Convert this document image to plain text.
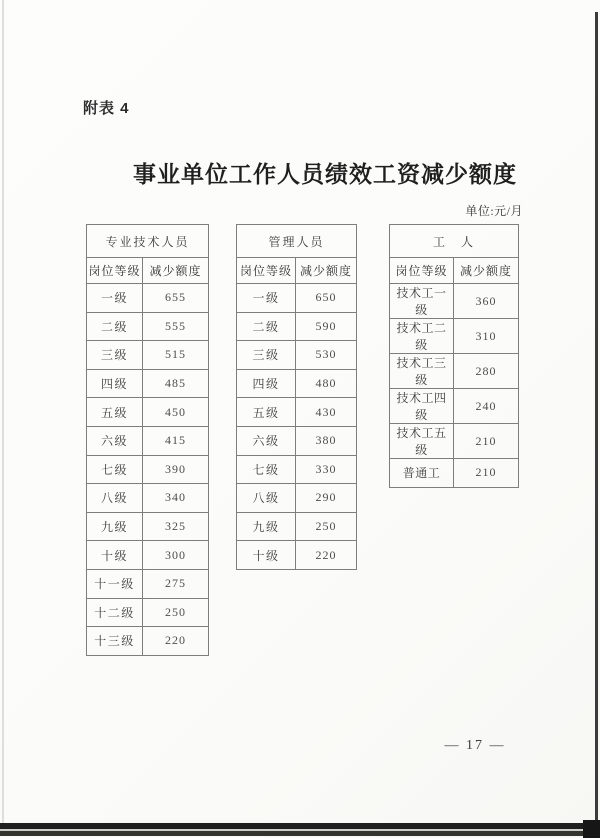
附表 4
事业单位工作人员绩效工资减少额度
单位:元/月
专业技术人员	
岗位等级	减少额度
一级	655
二级	555
三级	515
四级	485
五级	450
六级	415
七级	390
八级	340
九级	325
十级	300
十一级	275
十二级	250
十三级	220
管理人员	
岗位等级	减少额度
一级	650
二级	590
三级	530
四级	480
五级	430
六级	380
七级	330
八级	290
九级	250
十级	220
工　人	
岗位等级	减少额度
技术工一级	360
技术工二级	310
技术工三级	280
技术工四级	240
技术工五级	210
普通工	210
— 17 —
